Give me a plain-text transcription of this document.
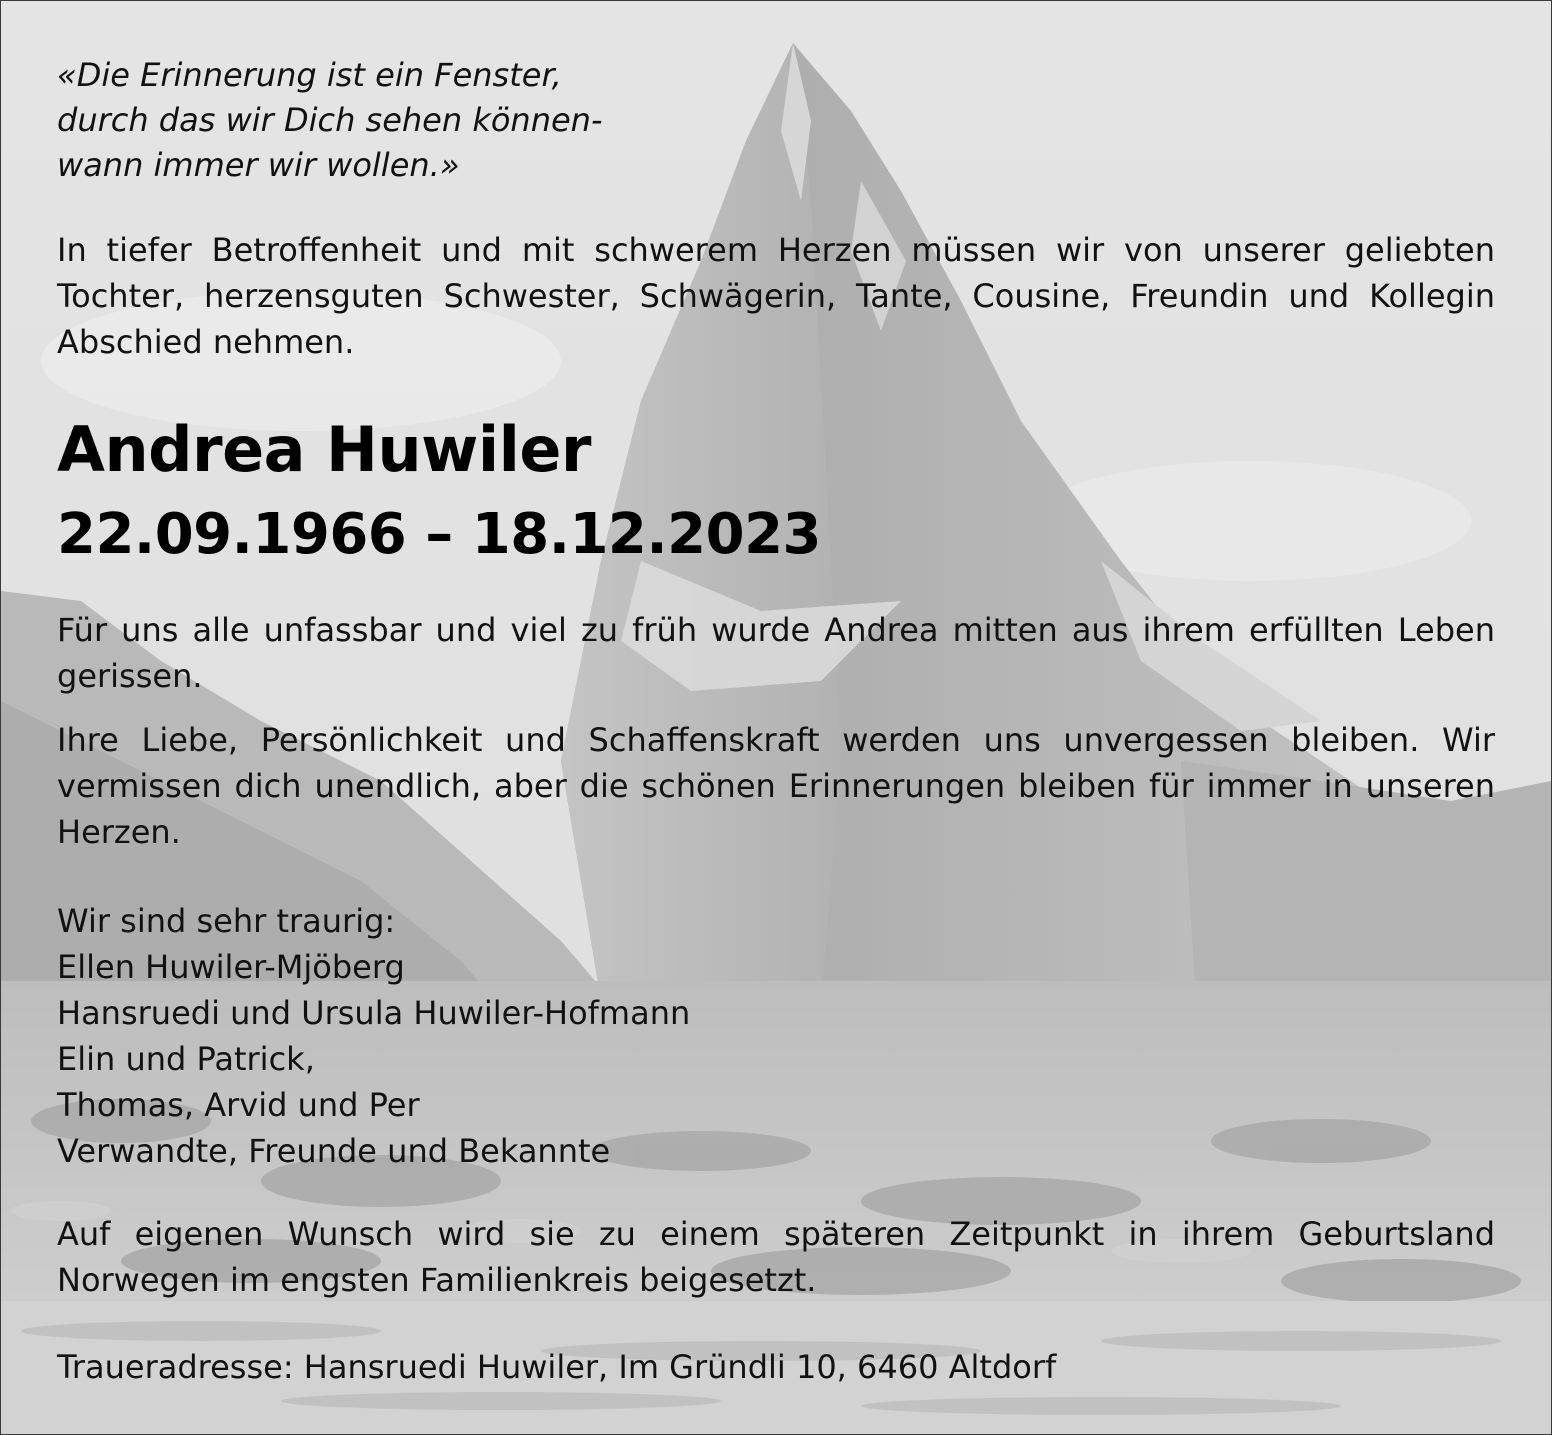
«Die Erinnerung ist ein Fenster,
durch das wir Dich sehen können-
wann immer wir wollen.»
In tiefer Betroffenheit und mit schwerem Herzen müssen wir von unserer geliebten Tochter, herzensguten Schwester, Schwägerin, Tante, Cousine, Freundin und Kollegin Abschied nehmen.
Andrea Huwiler
22.09.1966 – 18.12.2023
Für uns alle unfassbar und viel zu früh wurde Andrea mitten aus ihrem erfüllten Leben gerissen.
Ihre Liebe, Persönlichkeit und Schaffenskraft werden uns unvergessen bleiben. Wir vermissen dich unendlich, aber die schönen Erinnerungen bleiben für immer in unseren Herzen.
Wir sind sehr traurig:
Ellen Huwiler-Mjöberg
Hansruedi und Ursula Huwiler-Hofmann
Elin und Patrick,
Thomas, Arvid und Per
Verwandte, Freunde und Bekannte
Auf eigenen Wunsch wird sie zu einem späteren Zeitpunkt in ihrem Geburtsland Norwegen im engsten Familienkreis beigesetzt.
Traueradresse: Hansruedi Huwiler, Im Gründli 10, 6460 Altdorf
